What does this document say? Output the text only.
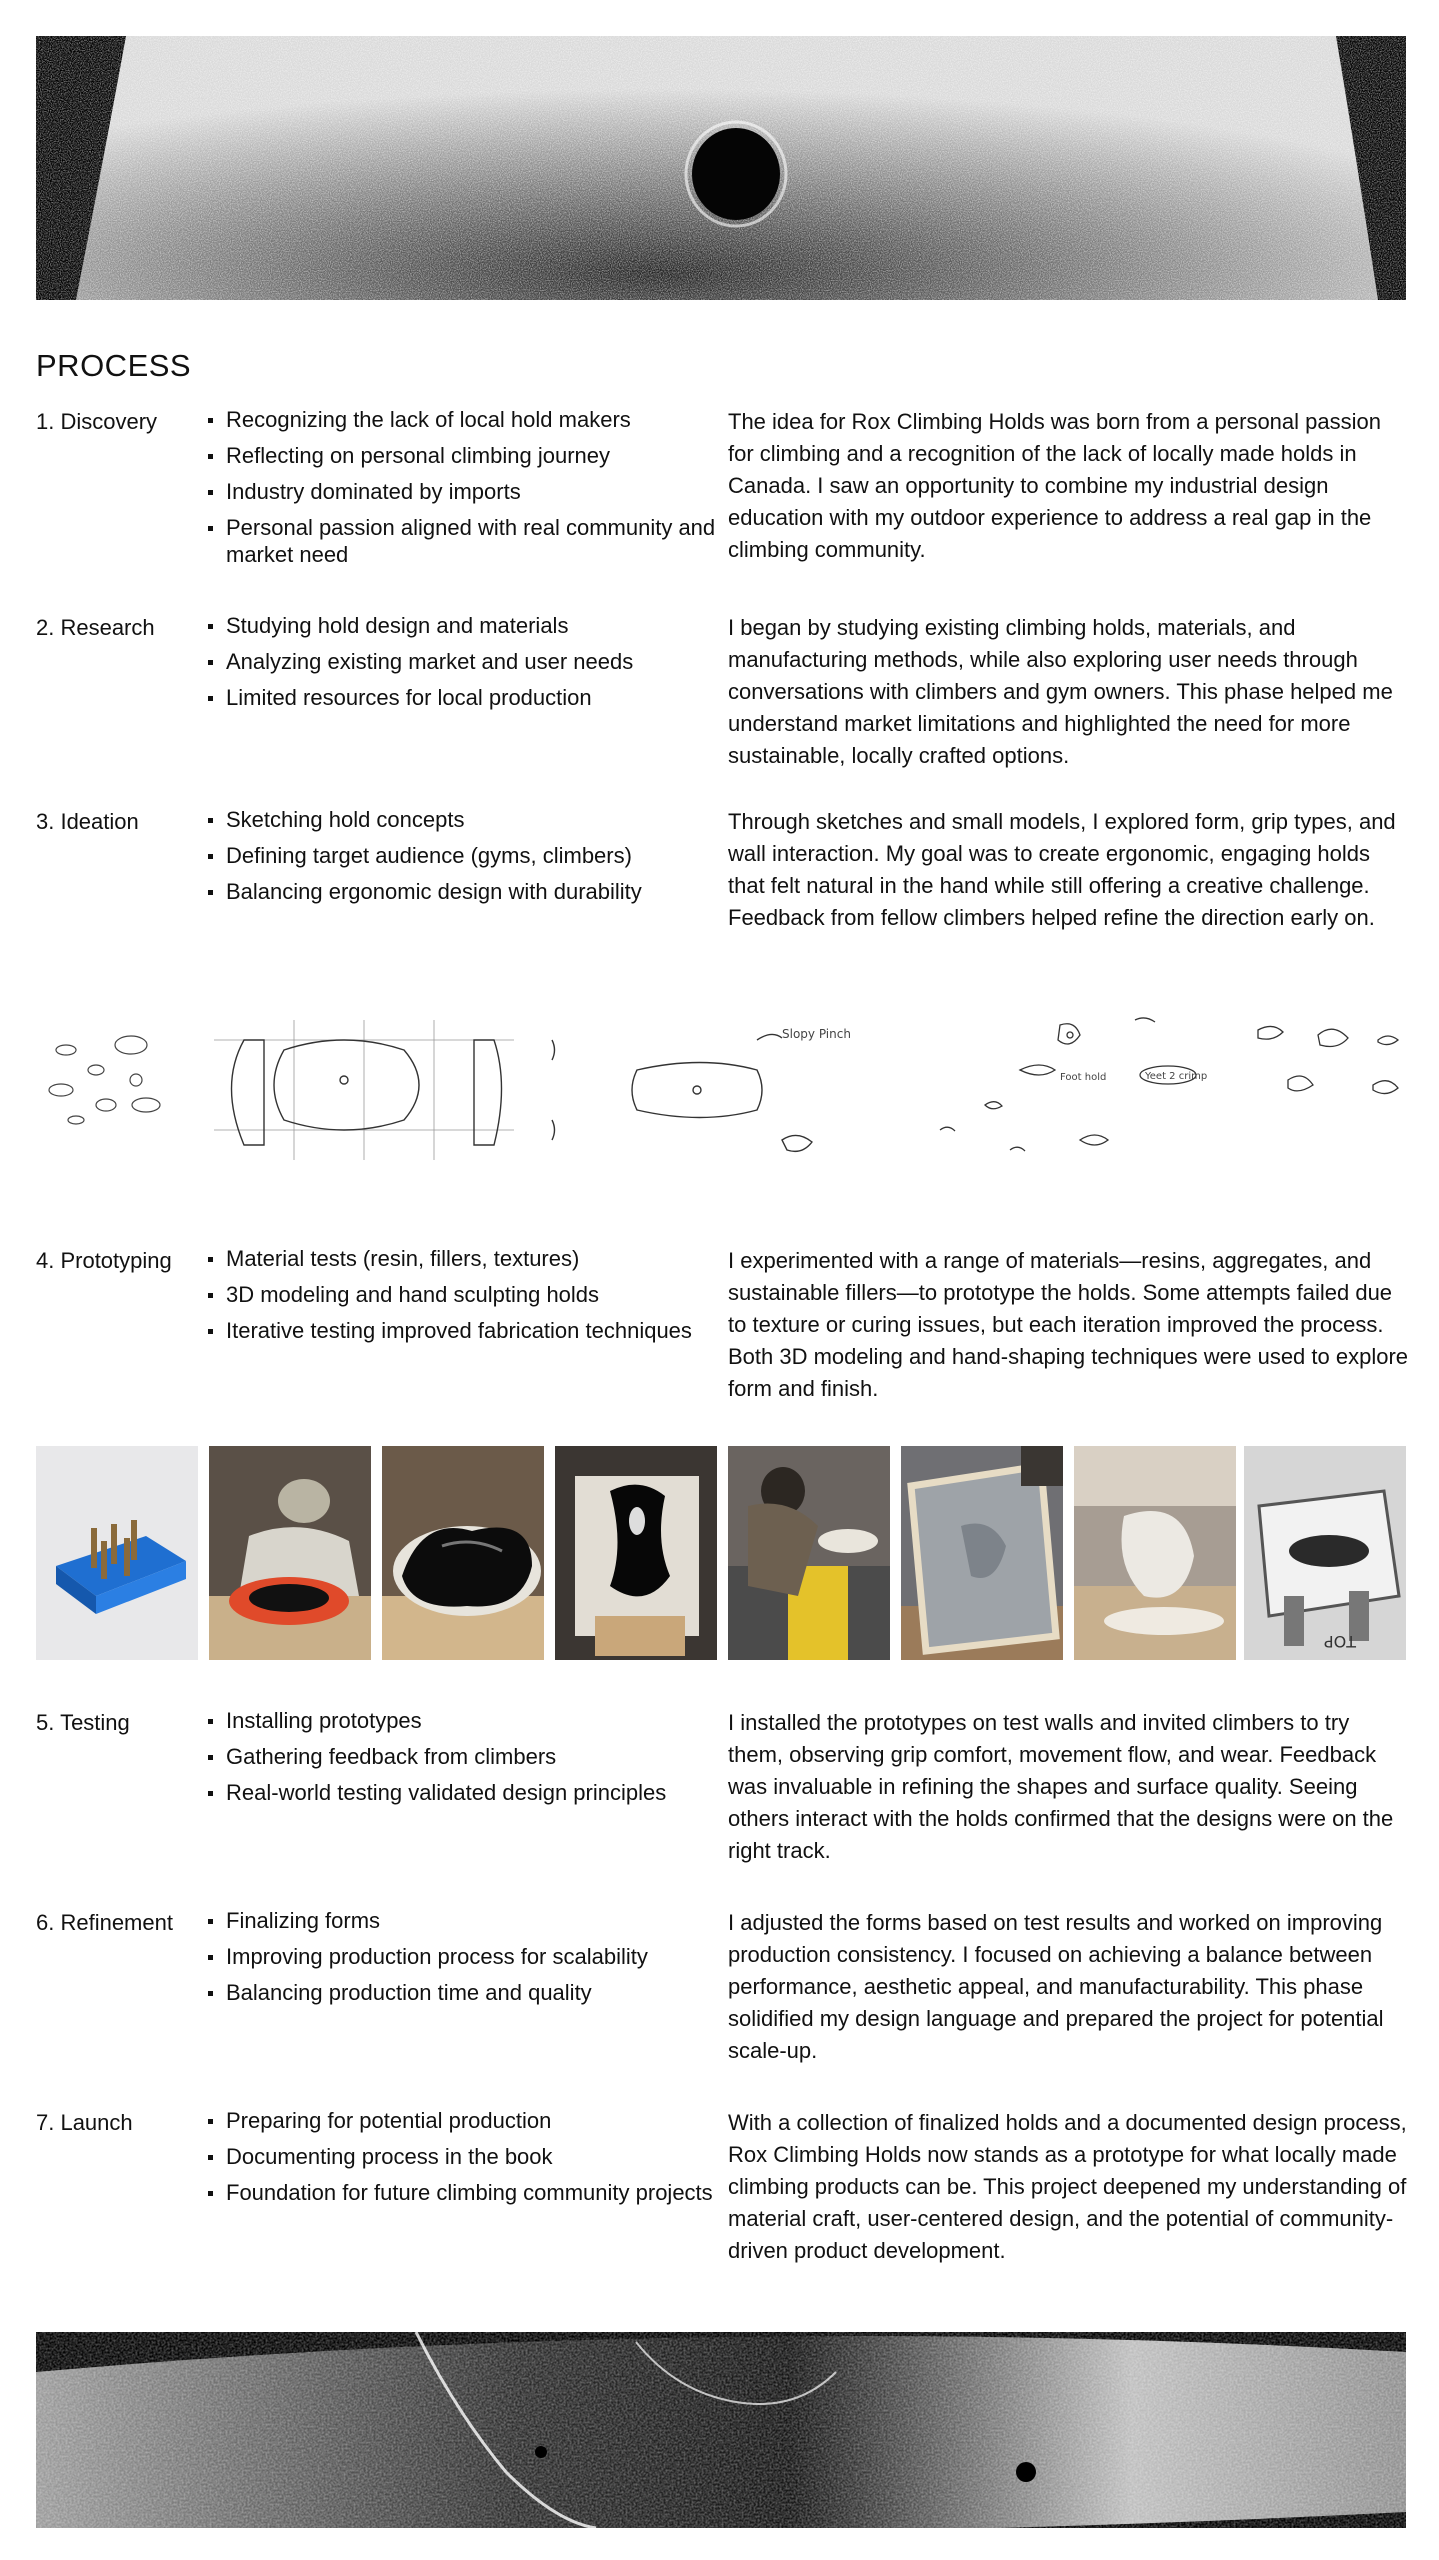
PROCESS

1. Discovery	Recognizing the lack of local hold makers
Reflecting on personal climbing journey
Industry dominated by imports
Personal passion aligned with real community and market need

The idea for Rox Climbing Holds was born from a personal passion for climbing and a recognition of the lack of locally made holds in Canada. I saw an opportunity to combine my industrial design education with my outdoor experience to address a real gap in the climbing community.

2. Research	Studying hold design and materials
Analyzing existing market and user needs
Limited resources for local production

I began by studying existing climbing holds, materials, and manufacturing methods, while also exploring user needs through conversations with climbers and gym owners. This phase helped me understand market limitations and highlighted the need for more sustainable, locally crafted options.

3. Ideation	Sketching hold concepts
Defining target audience (gyms, climbers)
Balancing ergonomic design with durability

Through sketches and small models, I explored form, grip types, and wall interaction. My goal was to create ergonomic, engaging holds that felt natural in the hand while still offering a creative challenge. Feedback from fellow climbers helped refine the direction early on.

Slopy Pinch
Foot hold	Yeet 2 crimp

4. Prototyping	Material tests (resin, fillers, textures)
3D modeling and hand sculpting holds
Iterative testing improved fabrication techniques

I experimented with a range of materials—resins, aggregates, and sustainable fillers—to prototype the holds. Some attempts failed due to texture or curing issues, but each iteration improved the process. Both 3D modeling and hand-shaping techniques were used to explore form and finish.

TOP

5. Testing	Installing prototypes
Gathering feedback from climbers
Real-world testing validated design principles

I installed the prototypes on test walls and invited climbers to try them, observing grip comfort, movement flow, and wear. Feedback was invaluable in refining the shapes and surface quality. Seeing others interact with the holds confirmed that the designs were on the right track.

6. Refinement	Finalizing forms
Improving production process for scalability
Balancing production time and quality

I adjusted the forms based on test results and worked on improving production consistency. I focused on achieving a balance between performance, aesthetic appeal, and manufacturability. This phase solidified my design language and prepared the project for potential scale-up.

7. Launch	Preparing for potential production
Documenting process in the book
Foundation for future climbing community projects

With a collection of finalized holds and a documented design process, Rox Climbing Holds now stands as a prototype for what locally made climbing products can be. This project deepened my understanding of material craft, user-centered design, and the potential of community-driven product development.
